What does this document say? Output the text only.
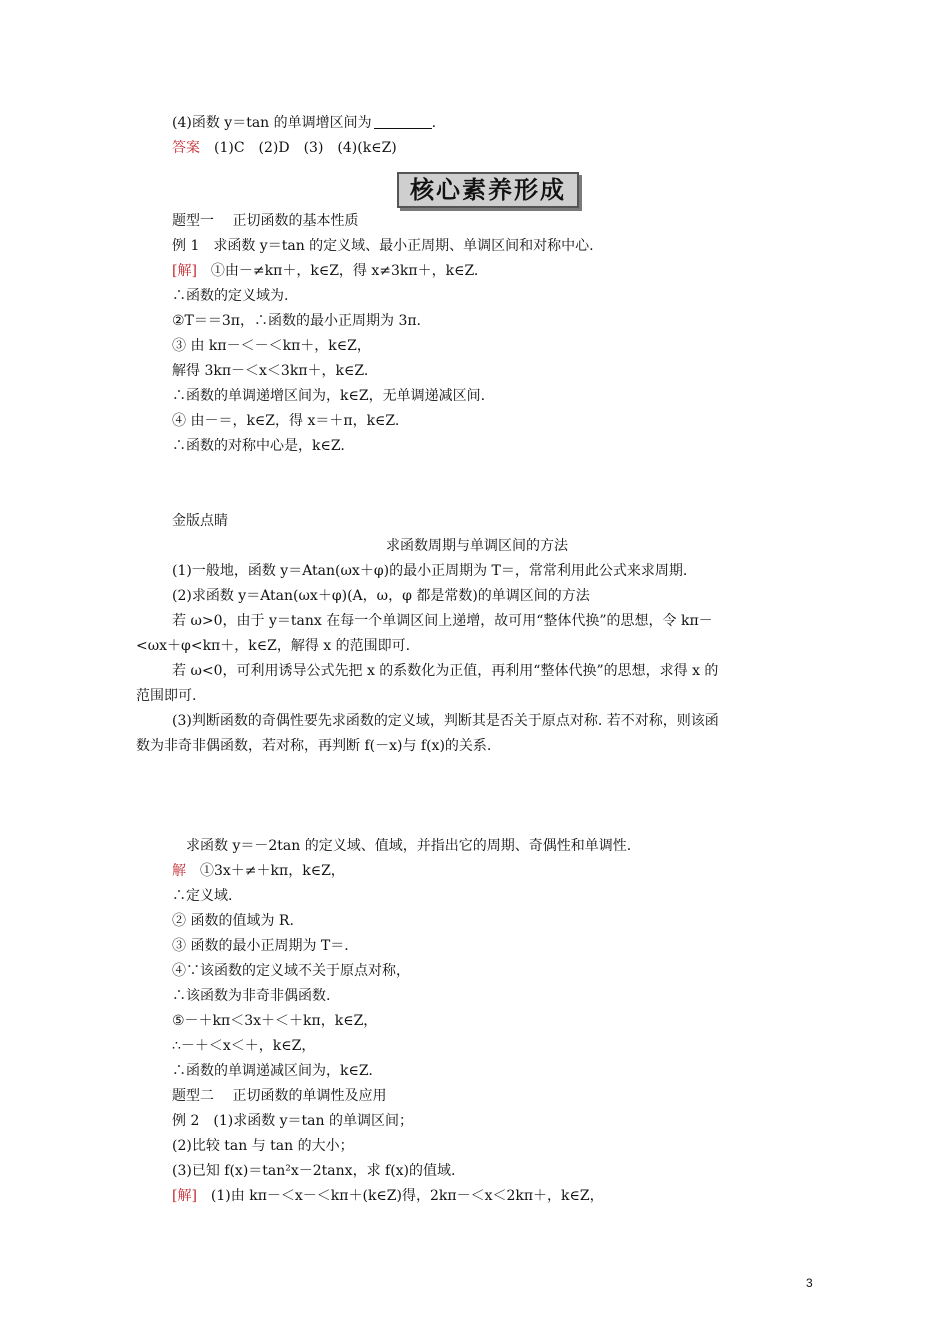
(4)函数 y＝tan 的单调增区间为	.
答案　(1)C　(2)D　(3)　(4)(k∈Z)
题型一　 正切函数的基本性质
例 1　求函数 y＝tan 的定义域、最小正周期、单调区间和对称中心.
[解]　①由－≠kπ＋，k∈Z，得 x≠3kπ＋，k∈Z.
∴函数的定义域为.
②T＝＝3π，∴函数的最小正周期为 3π.
③ 由 kπ－＜－＜kπ＋，k∈Z，
解得 3kπ－＜x＜3kπ＋，k∈Z.
∴函数的单调递增区间为，k∈Z，无单调递减区间.
④ 由－＝，k∈Z，得 x＝＋π，k∈Z.
∴函数的对称中心是，k∈Z.
金版点睛
求函数周期与单调区间的方法
(1)一般地，函数 y＝Atan(ωx＋φ)的最小正周期为 T＝，常常利用此公式来求周期.
(2)求函数 y＝Atan(ωx＋φ)(A，ω，φ 都是常数)的单调区间的方法
若 ω>0，由于 y＝tanx 在每一个单调区间上递增，故可用“整体代换”的思想，令 kπ－
<ωx＋φ<kπ＋，k∈Z，解得 x 的范围即可.
若 ω<0，可利用诱导公式先把 x 的系数化为正值，再利用“整体代换”的思想，求得 x 的
范围即可.
(3)判断函数的奇偶性要先求函数的定义域，判断其是否关于原点对称. 若不对称，则该函
数为非奇非偶函数，若对称，再判断 f(－x)与 f(x)的关系.
求函数 y＝－2tan 的定义域、值域，并指出它的周期、奇偶性和单调性.
解　①3x＋≠＋kπ，k∈Z，
∴定义域.
② 函数的值域为 R.
③ 函数的最小正周期为 T＝.
④∵该函数的定义域不关于原点对称，
∴该函数为非奇非偶函数.
⑤－＋kπ＜3x＋＜＋kπ，k∈Z，
∴－＋＜x＜＋，k∈Z，
∴函数的单调递减区间为，k∈Z.
题型二　 正切函数的单调性及应用
例 2　(1)求函数 y＝tan 的单调区间；
(2)比较 tan 与 tan 的大小；
(3)已知 f(x)＝tan²x－2tanx，求 f(x)的值域.
[解]　(1)由 kπ－＜x－＜kπ＋(k∈Z)得，2kπ－＜x＜2kπ＋，k∈Z，
核心素养形成
3
